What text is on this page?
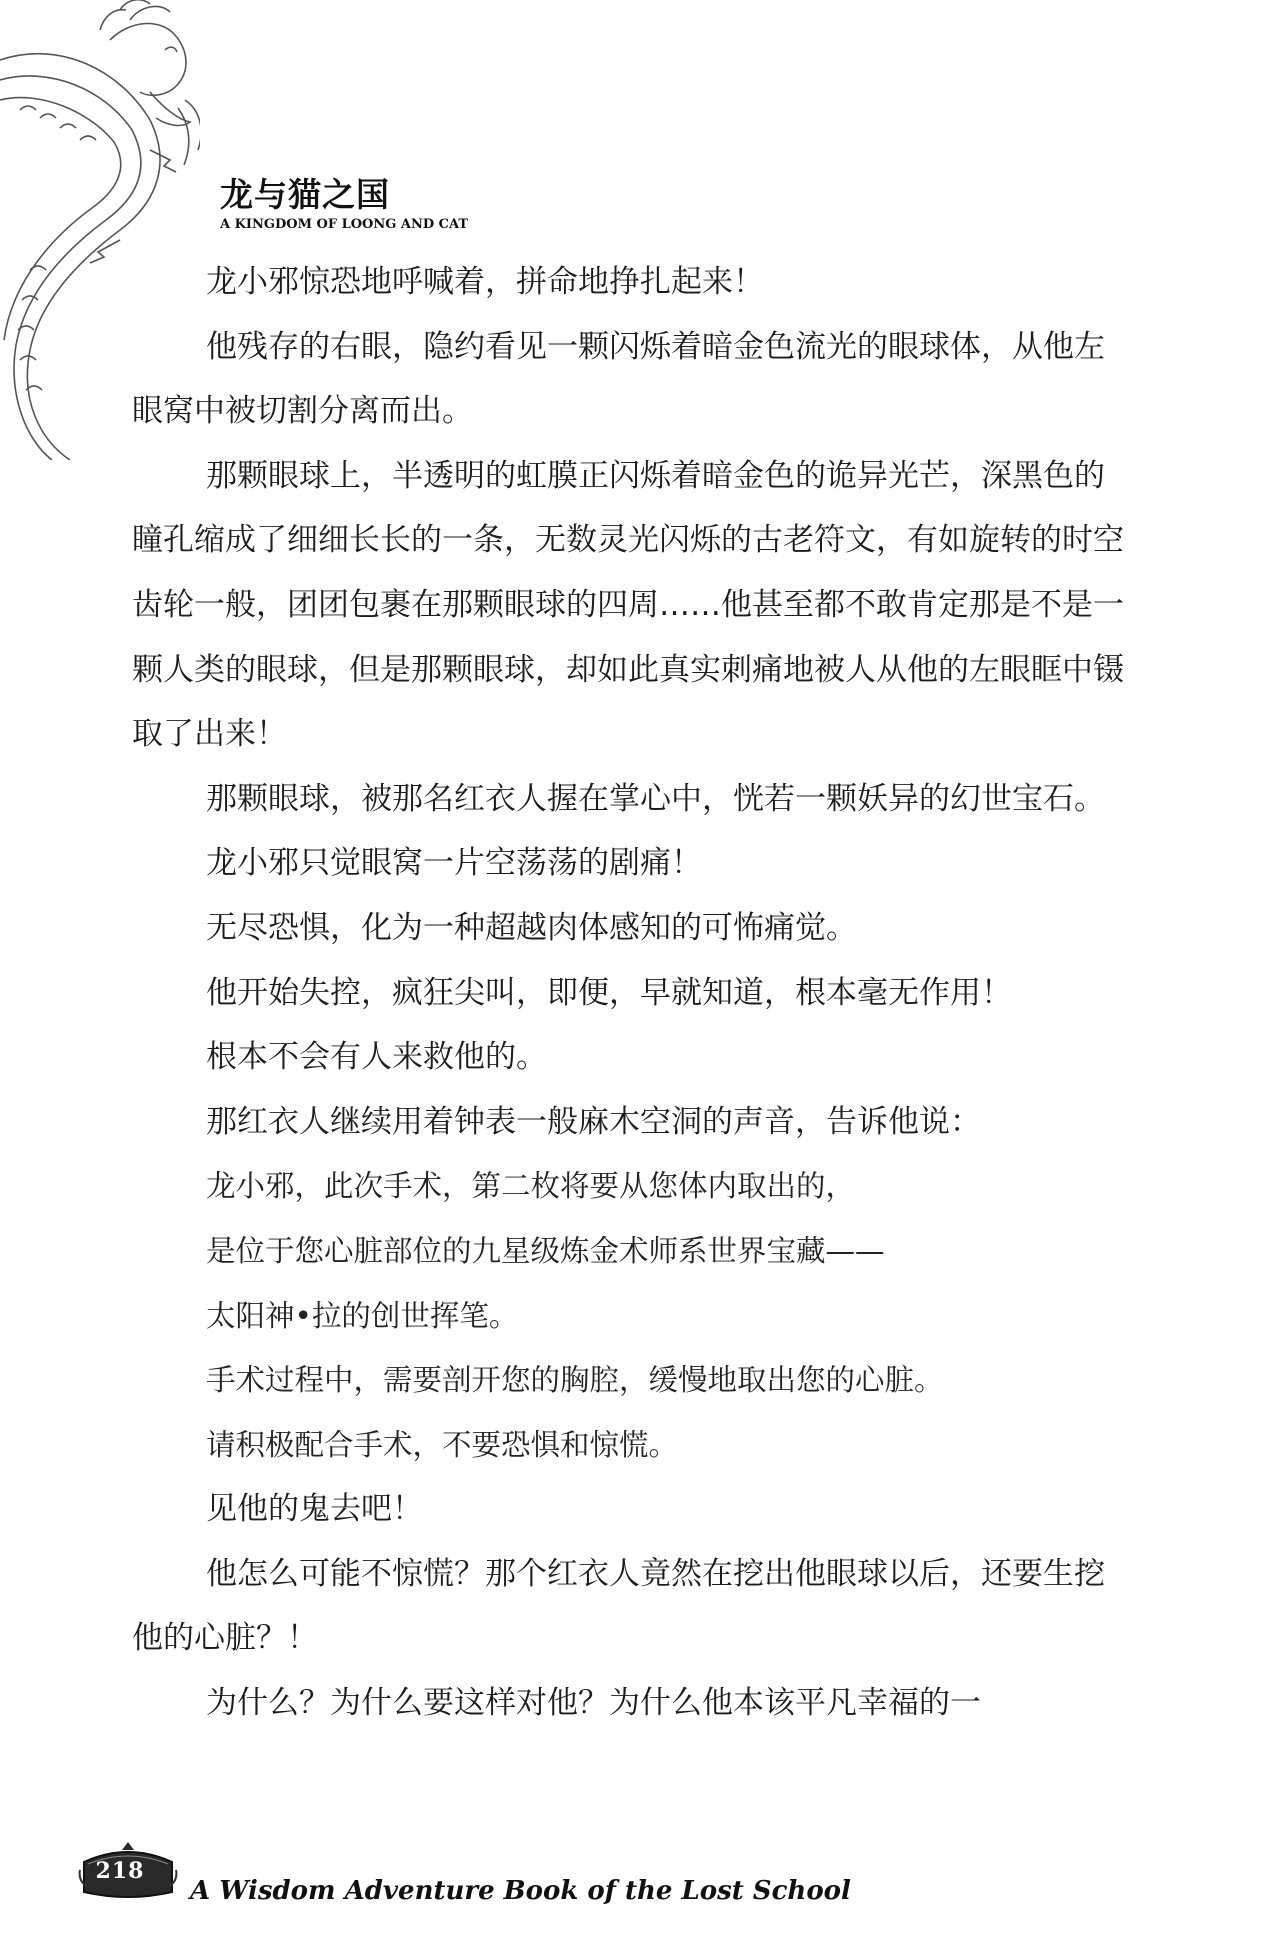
龙与猫之国
A KINGDOM OF LOONG AND CAT

龙小邪惊恐地呼喊着，拼命地挣扎起来！

他残存的右眼，隐约看见一颗闪烁着暗金色流光的眼球体，从他左眼窝中被切割分离而出。

那颗眼球上，半透明的虹膜正闪烁着暗金色的诡异光芒，深黑色的瞳孔缩成了细细长长的一条，无数灵光闪烁的古老符文，有如旋转的时空齿轮一般，团团包裹在那颗眼球的四周……他甚至都不敢肯定那是不是一颗人类的眼球，但是那颗眼球，却如此真实刺痛地被人从他的左眼眶中镊取了出来！

那颗眼球，被那名红衣人握在掌心中，恍若一颗妖异的幻世宝石。

龙小邪只觉眼窝一片空荡荡的剧痛！

无尽恐惧，化为一种超越肉体感知的可怖痛觉。

他开始失控，疯狂尖叫，即便，早就知道，根本毫无作用！

根本不会有人来救他的。

那红衣人继续用着钟表一般麻木空洞的声音，告诉他说：

龙小邪，此次手术，第二枚将要从您体内取出的，

是位于您心脏部位的九星级炼金术师系世界宝藏——

太阳神•拉的创世挥笔。

手术过程中，需要剖开您的胸腔，缓慢地取出您的心脏。

请积极配合手术，不要恐惧和惊慌。

见他的鬼去吧！

他怎么可能不惊慌？那个红衣人竟然在挖出他眼球以后，还要生挖他的心脏？！

为什么？为什么要这样对他？为什么他本该平凡幸福的一

218
A Wisdom Adventure Book of the Lost School
